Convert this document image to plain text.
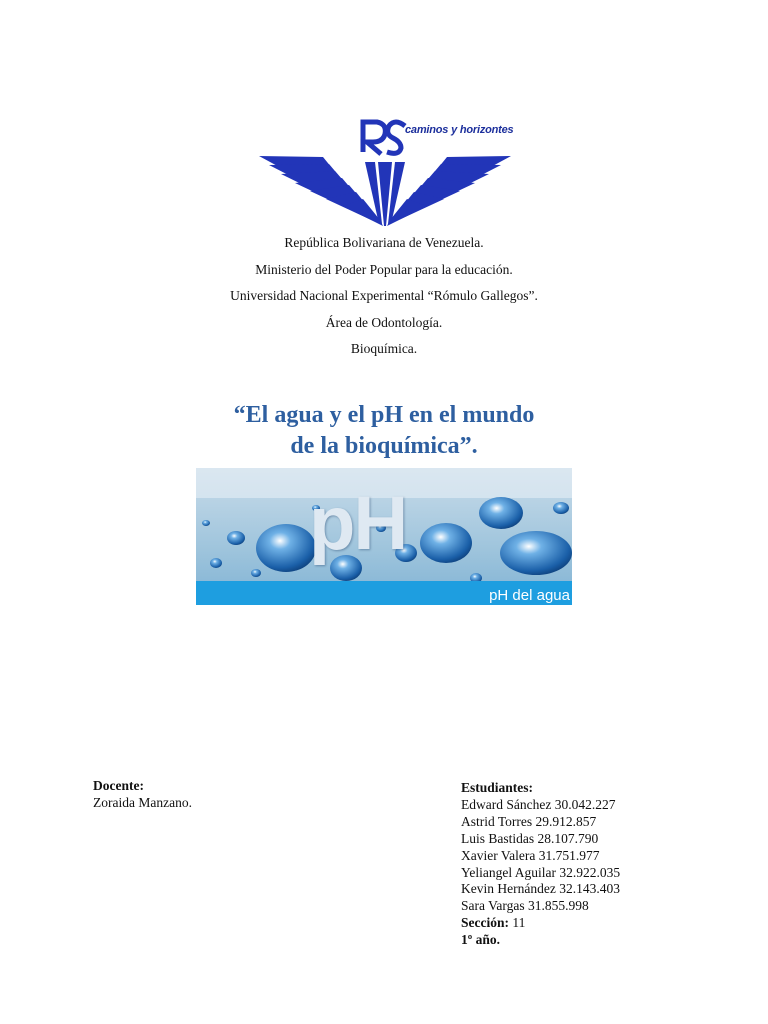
caminos y horizontes
República Bolivariana de Venezuela.
Ministerio del Poder Popular para la educación.
Universidad Nacional Experimental “Rómulo Gallegos”.
Área de Odontología.
Bioquímica.
“El agua y el pH en el mundo
de la bioquímica”.
pH
pH del agua
Docente:
Zoraida Manzano.
Estudiantes:
Edward Sánchez 30.042.227
Astrid Torres 29.912.857
Luis Bastidas 28.107.790
Xavier Valera 31.751.977
Yeliangel Aguilar 32.922.035
Kevin Hernández 32.143.403
Sara Vargas 31.855.998
Sección: 11
1º año.
